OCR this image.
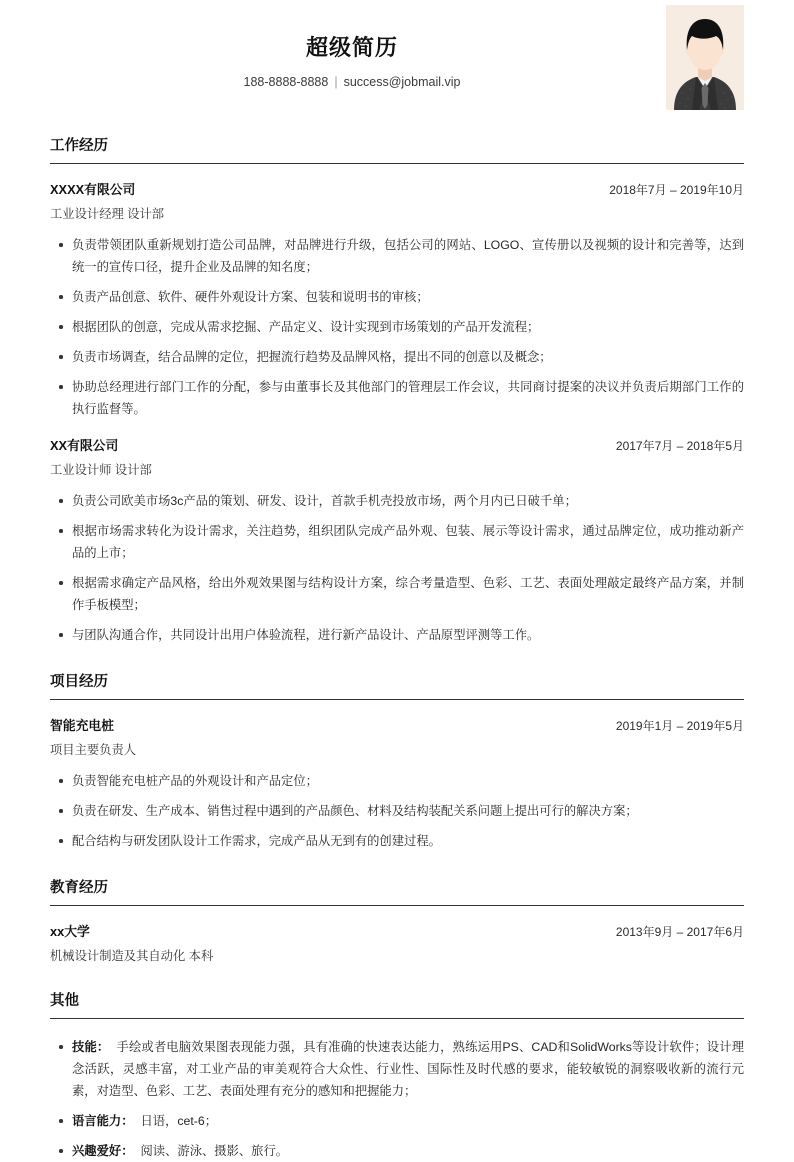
超级简历
188-8888-8888 | success@jobmail.vip
工作经历
XXXX有限公司	2018年7月 – 2019年10月
工业设计经理 设计部
负责带领团队重新规划打造公司品牌，对品牌进行升级，包括公司的网站、LOGO、宣传册以及视频的设计和完善等，达到统一的宣传口径，提升企业及品牌的知名度；
负责产品创意、软件、硬件外观设计方案、包装和说明书的审核；
根据团队的创意，完成从需求挖掘、产品定义、设计实现到市场策划的产品开发流程；
负责市场调查，结合品牌的定位，把握流行趋势及品牌风格，提出不同的创意以及概念；
协助总经理进行部门工作的分配，参与由董事长及其他部门的管理层工作会议，共同商讨提案的决议并负责后期部门工作的执行监督等。
XX有限公司	2017年7月 – 2018年5月
工业设计师 设计部
负责公司欧美市场3c产品的策划、研发、设计，首款手机壳投放市场，两个月内已日破千单；
根据市场需求转化为设计需求，关注趋势，组织团队完成产品外观、包装、展示等设计需求，通过品牌定位，成功推动新产品的上市；
根据需求确定产品风格，给出外观效果图与结构设计方案，综合考量造型、色彩、工艺、表面处理敲定最终产品方案，并制作手板模型；
与团队沟通合作，共同设计出用户体验流程，进行新产品设计、产品原型评测等工作。
项目经历
智能充电桩	2019年1月 – 2019年5月
项目主要负责人
负责智能充电桩产品的外观设计和产品定位；
负责在研发、生产成本、销售过程中遇到的产品颜色、材料及结构装配关系问题上提出可行的解决方案；
配合结构与研发团队设计工作需求，完成产品从无到有的创建过程。
教育经历
xx大学	2013年9月 – 2017年6月
机械设计制造及其自动化 本科
其他
技能： 手绘或者电脑效果图表现能力强，具有准确的快速表达能力，熟练运用PS、CAD和SolidWorks等设计软件；设计理念活跃，灵感丰富，对工业产品的审美观符合大众性、行业性、国际性及时代感的要求，能较敏锐的洞察吸收新的流行元素，对造型、色彩、工艺、表面处理有充分的感知和把握能力；
语言能力： 日语，cet-6；
兴趣爱好： 阅读、游泳、摄影、旅行。
